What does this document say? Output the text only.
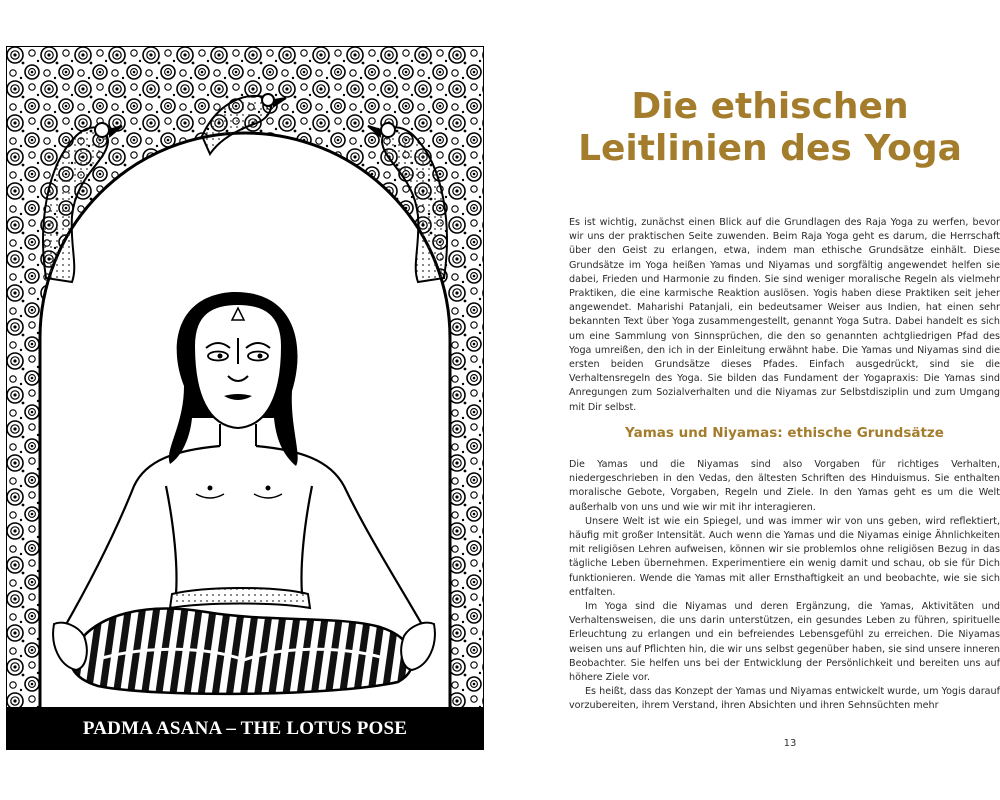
PADMA ASANA – THE LOTUS POSE
Die ethischen
Leitlinien des Yoga

Es ist wichtig, zunächst einen Blick auf die Grundlagen des Raja Yoga zu werfen, bevor wir uns der praktischen Seite zuwenden. Beim Raja Yoga geht es darum, die Herrschaft über den Geist zu erlangen, etwa, indem man ethische Grundsätze einhält. Diese Grundsätze im Yoga heißen Yamas und Niyamas und sorgfältig angewendet helfen sie dabei, Frieden und Harmonie zu finden. Sie sind weniger moralische Regeln als vielmehr Praktiken, die eine karmische Reaktion auslösen. Yogis haben diese Praktiken seit jeher angewendet. Maharishi Patanjali, ein bedeutsamer Weiser aus Indien, hat einen sehr bekannten Text über Yoga zusammengestellt, genannt Yoga Sutra. Dabei handelt es sich um eine Sammlung von Sinnsprüchen, die den so genannten achtgliedrigen Pfad des Yoga umreißen, den ich in der Einleitung erwähnt habe. Die Yamas und Niyamas sind die ersten beiden Grundsätze dieses Pfades. Einfach ausgedrückt, sind sie die Verhaltensregeln des Yoga. Sie bilden das Fundament der Yogapraxis: Die Yamas sind Anregungen zum Sozialverhalten und die Niyamas zur Selbstdisziplin und zum Umgang mit Dir selbst.

Yamas und Niyamas: ethische Grundsätze

Die Yamas und die Niyamas sind also Vorgaben für richtiges Verhalten, niedergeschrieben in den Vedas, den ältesten Schriften des Hinduismus. Sie enthalten moralische Gebote, Vorgaben, Regeln und Ziele. In den Yamas geht es um die Welt außerhalb von uns und wie wir mit ihr interagieren.

Unsere Welt ist wie ein Spiegel, und was immer wir von uns geben, wird reflektiert, häufig mit großer Intensität. Auch wenn die Yamas und die Niyamas einige Ähnlichkeiten mit religiösen Lehren aufweisen, können wir sie problemlos ohne religiösen Bezug in das tägliche Leben übernehmen. Experimentiere ein wenig damit und schau, ob sie für Dich funktionieren. Wende die Yamas mit aller Ernsthaftigkeit an und beobachte, wie sie sich entfalten.

Im Yoga sind die Niyamas und deren Ergänzung, die Yamas, Aktivitäten und Verhaltensweisen, die uns darin unterstützen, ein gesundes Leben zu führen, spirituelle Erleuchtung zu erlangen und ein befreiendes Lebensgefühl zu erreichen. Die Niyamas weisen uns auf Pflichten hin, die wir uns selbst gegenüber haben, sie sind unsere inneren Beobachter. Sie helfen uns bei der Entwicklung der Persönlichkeit und bereiten uns auf höhere Ziele vor.

Es heißt, dass das Konzept der Yamas und Niyamas entwickelt wurde, um Yogis darauf vorzubereiten, ihrem Verstand, ihren Absichten und ihren Sehnsüchten mehr

13
